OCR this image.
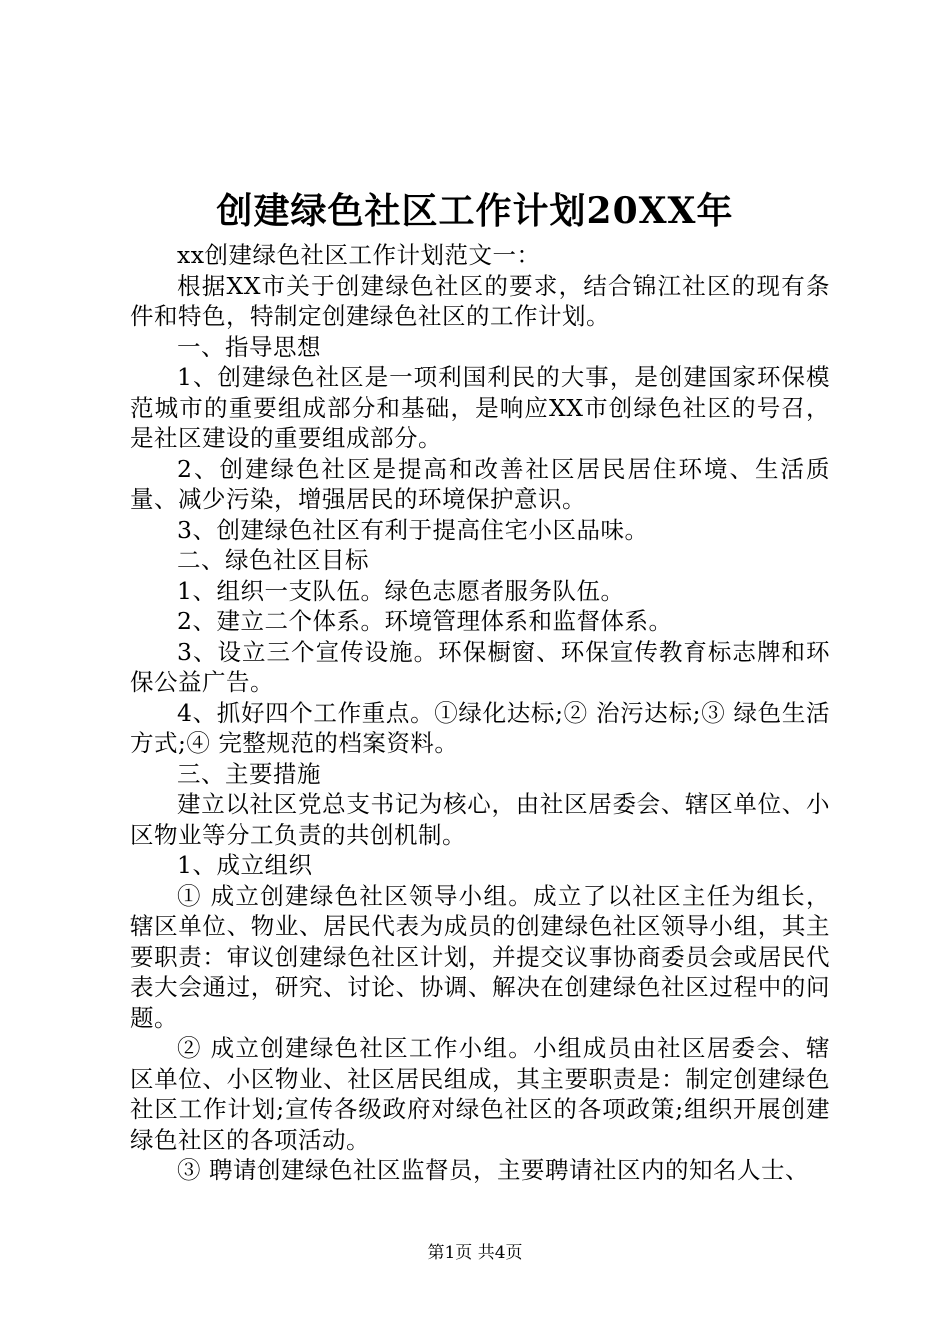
创建绿色社区工作计划20XX年

xx创建绿色社区工作计划范文一：

根据XX市关于创建绿色社区的要求，结合锦江社区的现有条件和特色，特制定创建绿色社区的工作计划。

一、指导思想

1、创建绿色社区是一项利国利民的大事，是创建国家环保模范城市的重要组成部分和基础，是响应XX市创绿色社区的号召，是社区建设的重要组成部分。

2、创建绿色社区是提高和改善社区居民居住环境、生活质量、减少污染，增强居民的环境保护意识。

3、创建绿色社区有利于提高住宅小区品味。

二、绿色社区目标

1、组织一支队伍。绿色志愿者服务队伍。

2、建立二个体系。环境管理体系和监督体系。

3、设立三个宣传设施。环保橱窗、环保宣传教育标志牌和环保公益广告。

4、抓好四个工作重点。①绿化达标;② 治污达标;③ 绿色生活方式;④ 完整规范的档案资料。

三、主要措施

建立以社区党总支书记为核心，由社区居委会、辖区单位、小区物业等分工负责的共创机制。

1、成立组织

① 成立创建绿色社区领导小组。成立了以社区主任为组长，辖区单位、物业、居民代表为成员的创建绿色社区领导小组，其主要职责：审议创建绿色社区计划，并提交议事协商委员会或居民代表大会通过，研究、讨论、协调、解决在创建绿色社区过程中的问题。

② 成立创建绿色社区工作小组。小组成员由社区居委会、辖区单位、小区物业、社区居民组成，其主要职责是：制定创建绿色社区工作计划;宣传各级政府对绿色社区的各项政策;组织开展创建绿色社区的各项活动。

③ 聘请创建绿色社区监督员，主要聘请社区内的知名人士、

第1页 共4页
